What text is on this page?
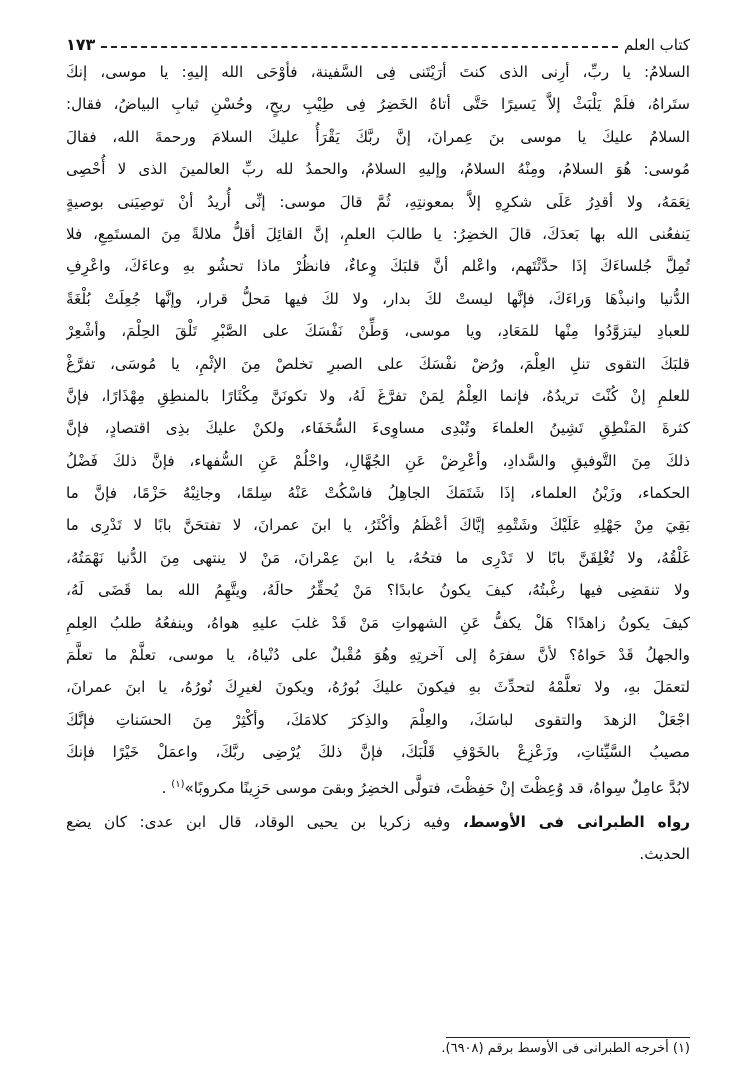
كتاب العلم
١٧٣
السلامُ: يا ربِّ، أرِنى الذى كنتَ أرَيْتَنى فِى السَّفينة، فأوْحَى الله إليهِ: يا موسى، إنكَ
ستَراهُ، فلَمْ يَلْبَثْ إلاَّ يَسيرًا حَتَّى أتاهُ الخَضِرُ فِى طِيْبِ ريحٍ، وحُسْنِ ثيابِ البياضُ، فقال:
السلامُ عليكَ يا موسى بنَ عِمرانَ، إنَّ ربَّكَ يَقْرَأُ عليكَ السلامَ ورحمةَ الله، فقالَ
مُوسى: هُوَ السلامُ، ومِنْهُ السلامُ، وإليهِ السلامُ، والحمدُ لله ربِّ العالمينَ الذى لا أُحْصِى
نِعَمَهُ، ولا أقدِرُ عَلَى شكرِهِ إلاَّ بمعونتِهِ، ثُمَّ قالَ موسى: إنِّى أُريدُ أنْ توصِيَنى بوصيةٍ
يَنفعُنى الله بها بَعدَكَ، قالَ الخضِرُ: يا طالبَ العلمِ، إنَّ القائِلَ أقلُّ ملالةً مِنَ المستَمِعِ، فلا
تُمِلَّ جُلساءَكَ إذَا حدَّثْتَهم، واعْلم أنَّ قلبَكَ وِعاءٌ، فانظُرْ ماذا تحشُو بهِ وعاءَكَ، واعْرِفِ
الدُّنيا وانبذْهَا وَراءَكَ، فإنَّها ليستْ لكَ بدار، ولا لكَ فيها مَحلُّ قرار، وإنَّها جُعِلَتْ بُلْغَةً
للعبادِ ليتزوَّدُوا مِنْها للمَعَادِ، ويا موسى، وَطِّنْ نَفْسَكَ على الصَّبْرِ تَلْقَ الحِلْمَ، وأشْعِرْ
قلبَكَ التقوى تنلِ العِلْمَ، ورُضْ نفْسَكَ على الصبرِ تخلصْ مِنَ الإثْمِ، يا مُوسَى، تفرَّغْ
للعلمِ إنْ كُنْتَ تريدُهُ، فإنما العِلْمُ لِمَنْ تفرَّغَ لَهُ، ولا تكونَنَّ مِكْثَارًا بالمنطِقِ مِهْذَارًا، فإنَّ
كثرةَ المَنْطِقِ تَشِينُ العلماءَ وتُبْدِى مساوِىءَ السُّخَفَاء، ولكنْ عليكَ بذِى اقتصادٍ، فإنَّ
ذلكَ مِنَ التَّوفيقِ والسَّدادِ، وأعْرِضْ عَنِ الجُهَّالِ، واحْلُمْ عَنِ السُّفهاء، فإنَّ ذلكَ فَضْلُ
الحكماء، وزَيْنُ العلماء، إذَا شَتَمَكَ الجاهِلُ فاسْكُتْ عَنْهُ سِلمًا، وجانِبْهُ حَزْمًا، فإنَّ ما
بَقِيَ مِنْ جَهْلِهِ عَلَيْكَ وشَتْمِهِ إيَّاكَ أعْظَمُ وأكْثَرُ، يا ابنَ عمرانَ، لا تفتحَنَّ بابًا لا تَدْرِى ما
غَلْقُهُ، ولا تُغْلِقَنَّ بابًا لا تَدْرِى ما فتحُهُ، يا ابنَ عِمْرانَ، مَنْ لا ينتهى مِنَ الدُّنيا نَهْمَتُهُ،
ولا تنقضِى فيها رغْبتُهُ، كيفَ يكونُ عابدًا؟ مَنْ يُحقِّرُ حالَهُ، ويتَّهِمُ الله بما قَضَى لَهُ،
كيفَ يكونُ زاهدًا؟ هَلْ يكفُّ عَنِ الشهواتِ مَنْ قَدْ غلبَ عليهِ هواهُ، وينفعُهُ طلبُ العِلمِ
والجهلُ قَدْ حَواهُ؟ لأنَّ سفرَهُ إلى آخرتِهِ وهُوَ مُقْبلٌ على دُنْياهُ، يا موسى، تعلَّمْ ما تعلَّمَ
لتعمَلَ بهِ، ولا تعلَّمْهُ لتحدِّثَ بهِ فيكونَ عليكَ بُورُهُ، ويكونَ لغيرِكَ نُورُهُ، يا ابنَ عمرانَ،
اجْعَلْ الزهدَ والتقوى لباسَكَ، والعِلْمَ والذِكرَ كلامَكَ، وأكْثِرْ مِنَ الحسَناتِ فإنَّكَ
مصيبُ السَّيِّئاتِ، وزَعْزِعْ بالخَوْفِ قَلْبَكَ، فإنَّ ذلكَ يُرْضِى ربَّكَ، واعمَلْ خَيْرًا فإنكَ
لابُدَّ عامِلٌ سِواهُ، قد وُعِظْتَ إنْ حَفِظْتَ، فتولَّى الخضِرُ وبقىَ موسى حَزِينًا مكروبًا»$^{(١)}$ .
رواه الطبرانى فى الأوسط، وفيه زكريا بن يحيى الوقاد، قال ابن عدى: كان يضع
الحديث.
(١) أخرجه الطبرانى فى الأوسط برقم (٦٩٠٨).
